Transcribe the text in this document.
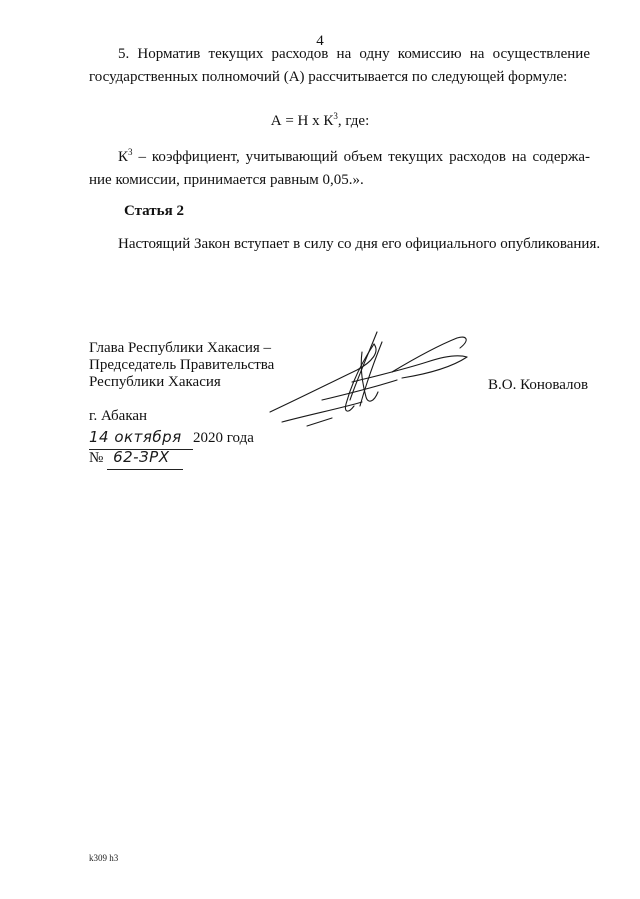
4
5. Норматив текущих расходов на одну комиссию на осуществление
государственных полномочий (А) рассчитывается по следующей формуле:
А = Н х $К^3$, где:
$К^3$ – коэффициент, учитывающий объем текущих расходов на содержа-
ние комиссии, принимается равным 0,05.».
Статья 2
Настоящий Закон вступает в силу со дня его официального опубликования.
Глава Республики Хакасия –
Председатель Правительства
Республики Хакасия	В.О. Коновалов
г. Абакан
14 октября 2020 года
№ 62-ЗРХ
k309 h3
